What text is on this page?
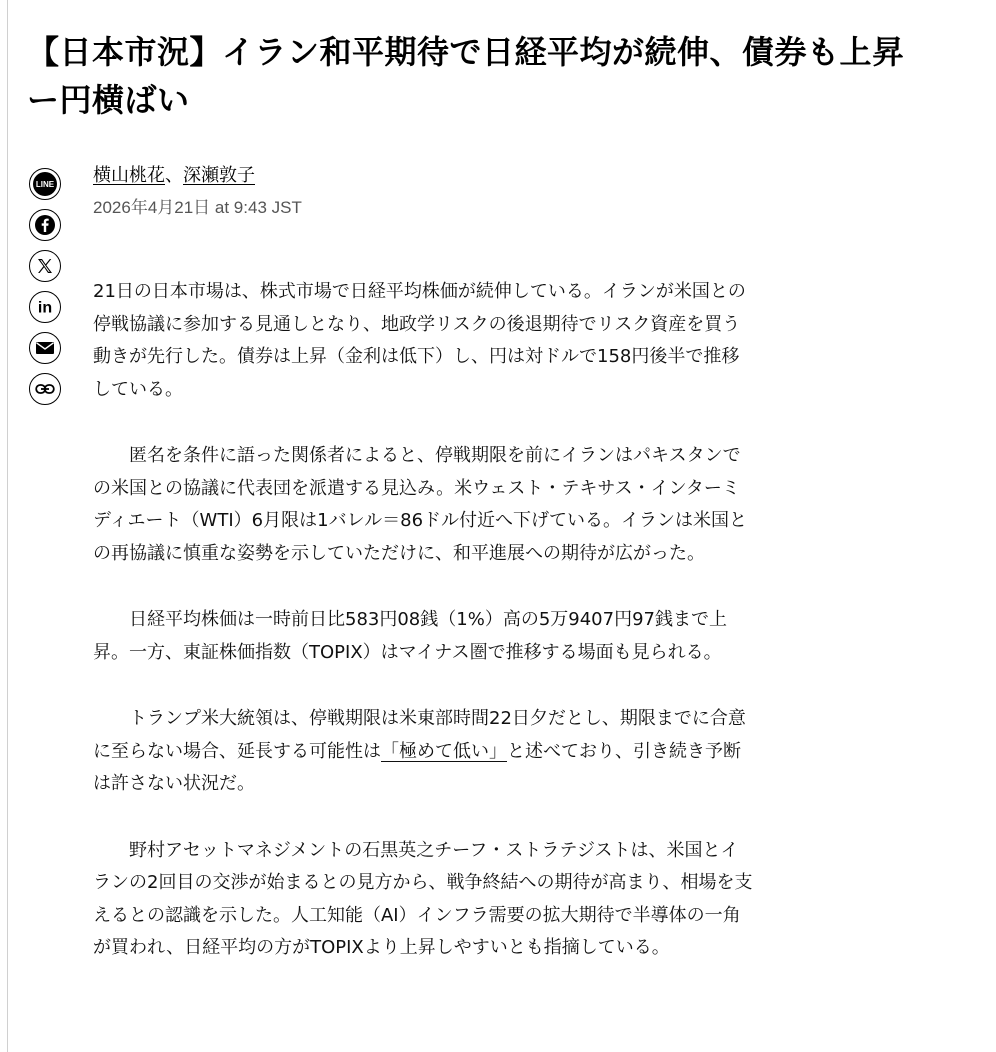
【日本市況】イラン和平期待で日経平均が続伸、債券も上昇ー円横ばい
LINE
in
横山桃花、深瀬敦子
2026年4月21日 at 9:43 JST

21日の日本市場は、株式市場で日経平均株価が続伸している。イランが米国との停戦協議に参加する見通しとなり、地政学リスクの後退期待でリスク資産を買う動きが先行した。債券は上昇（金利は低下）し、円は対ドルで158円後半で推移している。

匿名を条件に語った関係者によると、停戦期限を前にイランはパキスタンでの米国との協議に代表団を派遣する見込み。米ウェスト・テキサス・インターミディエート（WTI）6月限は1バレル＝86ドル付近へ下げている。イランは米国との再協議に慎重な姿勢を示していただけに、和平進展への期待が広がった。

日経平均株価は一時前日比583円08銭（1%）高の5万9407円97銭まで上昇。一方、東証株価指数（TOPIX）はマイナス圏で推移する場面も見られる。

トランプ米大統領は、停戦期限は米東部時間22日夕だとし、期限までに合意に至らない場合、延長する可能性は「極めて低い」と述べており、引き続き予断は許さない状況だ。

野村アセットマネジメントの石黒英之チーフ・ストラテジストは、米国とイランの2回目の交渉が始まるとの見方から、戦争終結への期待が高まり、相場を支えるとの認識を示した。人工知能（AI）インフラ需要の拡大期待で半導体の一角が買われ、日経平均の方がTOPIXより上昇しやすいとも指摘している。
